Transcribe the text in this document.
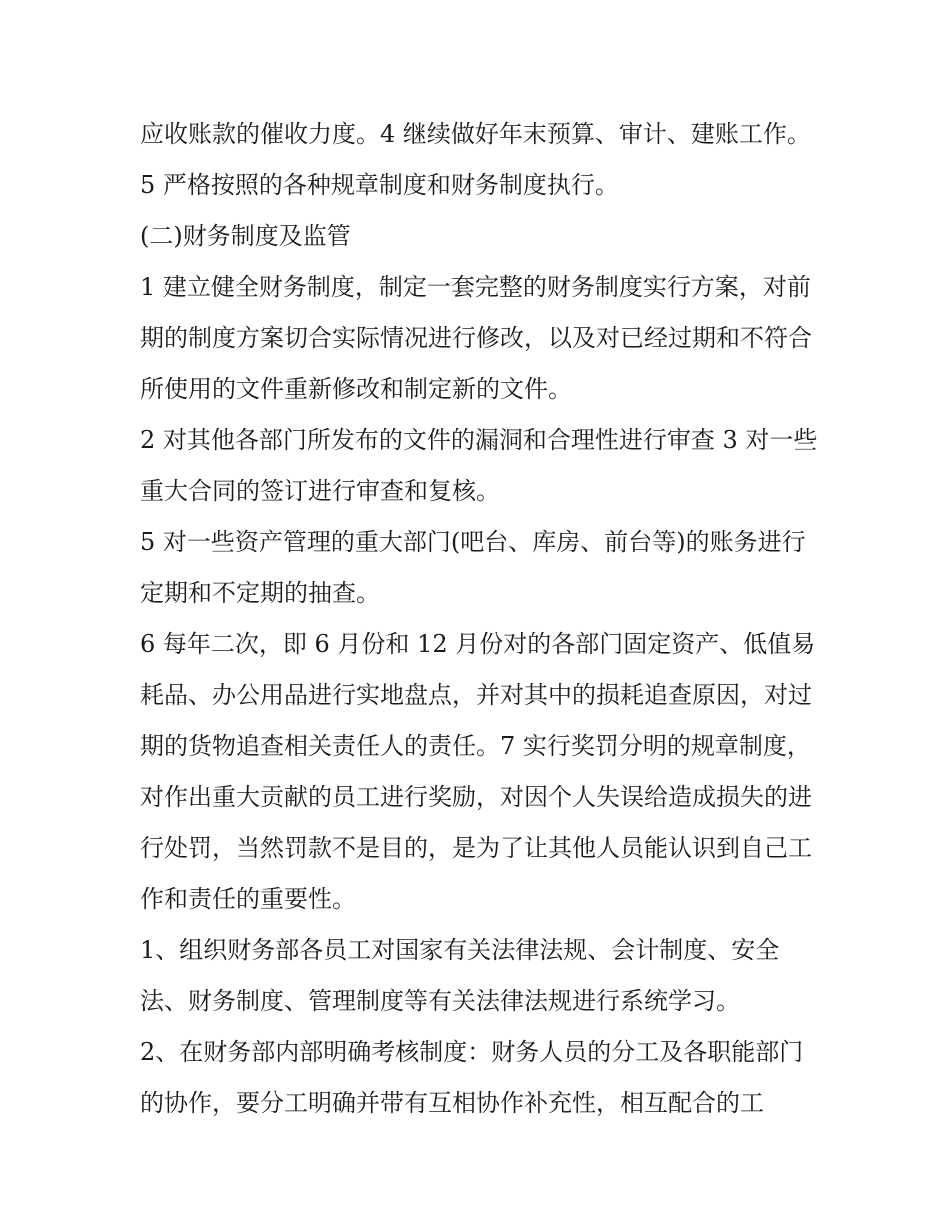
应收账款的催收力度。4 继续做好年末预算、审计、建账工作。5 严格按照的各种规章制度和财务制度执行。

(二)财务制度及监管

1 建立健全财务制度，制定一套完整的财务制度实行方案，对前期的制度方案切合实际情况进行修改，以及对已经过期和不符合所使用的文件重新修改和制定新的文件。

2 对其他各部门所发布的文件的漏洞和合理性进行审查 3 对一些重大合同的签订进行审查和复核。

5 对一些资产管理的重大部门(吧台、库房、前台等)的账务进行定期和不定期的抽查。

6 每年二次，即 6 月份和 12 月份对的各部门固定资产、低值易耗品、办公用品进行实地盘点，并对其中的损耗追查原因，对过期的货物追查相关责任人的责任。7 实行奖罚分明的规章制度，对作出重大贡献的员工进行奖励，对因个人失误给造成损失的进行处罚，当然罚款不是目的，是为了让其他人员能认识到自己工作和责任的重要性。

1、组织财务部各员工对国家有关法律法规、会计制度、安全法、财务制度、管理制度等有关法律法规进行系统学习。

2、在财务部内部明确考核制度：财务人员的分工及各职能部门的协作，要分工明确并带有互相协作补充性，相互配合的工
